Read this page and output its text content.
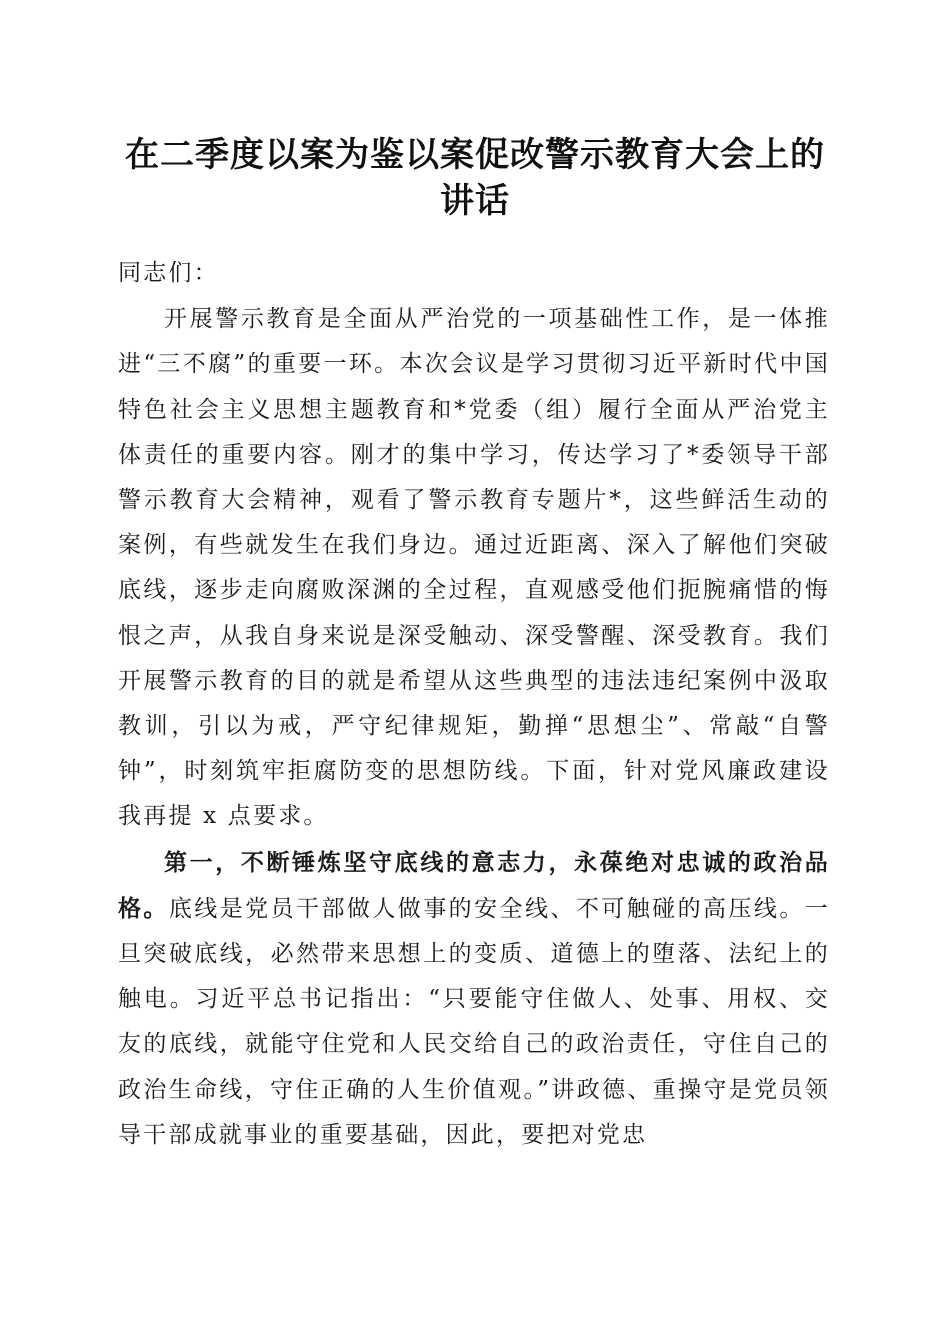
在二季度以案为鉴以案促改警示教育大会上的讲话

同志们：

开展警示教育是全面从严治党的一项基础性工作，是一体推进“三不腐”的重要一环。本次会议是学习贯彻习近平新时代中国特色社会主义思想主题教育和*党委（组）履行全面从严治党主体责任的重要内容。刚才的集中学习，传达学习了*委领导干部警示教育大会精神，观看了警示教育专题片*，这些鲜活生动的案例，有些就发生在我们身边。通过近距离、深入了解他们突破底线，逐步走向腐败深渊的全过程，直观感受他们扼腕痛惜的悔恨之声，从我自身来说是深受触动、深受警醒、深受教育。我们开展警示教育的目的就是希望从这些典型的违法违纪案例中汲取教训，引以为戒，严守纪律规矩，勤掸“思想尘”、常敲“自警钟”，时刻筑牢拒腐防变的思想防线。下面，针对党风廉政建设我再提 x 点要求。

第一，不断锤炼坚守底线的意志力，永葆绝对忠诚的政治品格。底线是党员干部做人做事的安全线、不可触碰的高压线。一旦突破底线，必然带来思想上的变质、道德上的堕落、法纪上的触电。习近平总书记指出：“只要能守住做人、处事、用权、交友的底线，就能守住党和人民交给自己的政治责任，守住自己的政治生命线，守住正确的人生价值观。”讲政德、重操守是党员领导干部成就事业的重要基础，因此，要把对党忠
